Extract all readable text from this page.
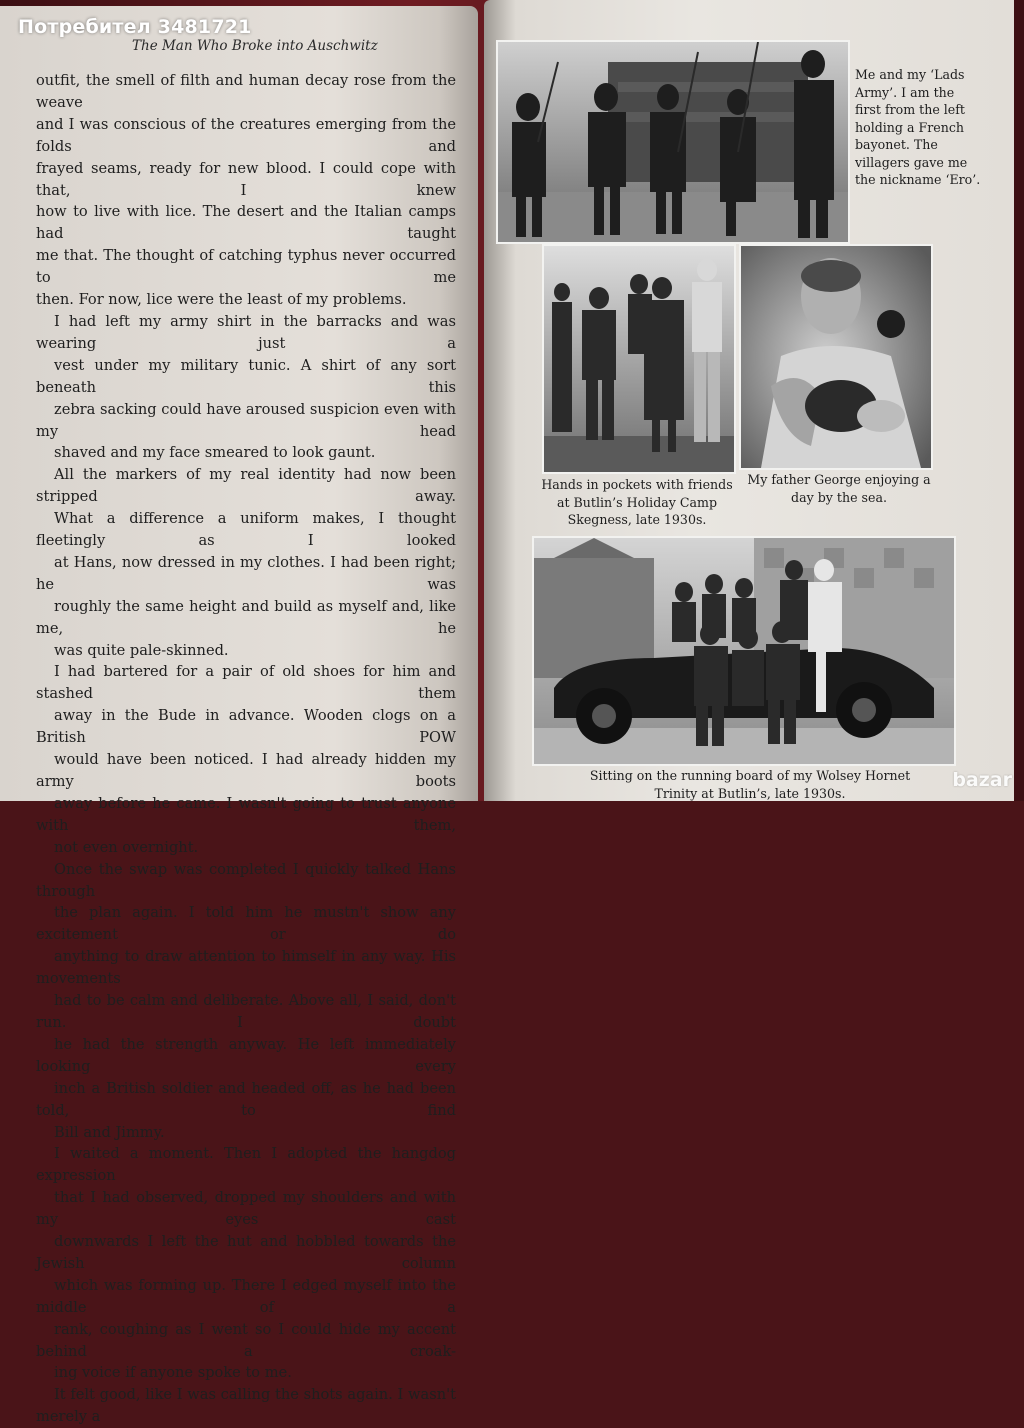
The Man Who Broke into Auschwitz

outfit, the smell of filth and human decay rose from the weave
and I was conscious of the creatures emerging from the folds and
frayed seams, ready for new blood. I could cope with that, I knew
how to live with lice. The desert and the Italian camps had taught
me that. The thought of catching typhus never occurred to me
then. For now, lice were the least of my problems.

I had left my army shirt in the barracks and was wearing just a
vest under my military tunic. A shirt of any sort beneath this
zebra sacking could have aroused suspicion even with my head
shaved and my face smeared to look gaunt.

All the markers of my real identity had now been stripped away.
What a difference a uniform makes, I thought fleetingly as I looked
at Hans, now dressed in my clothes. I had been right; he was
roughly the same height and build as myself and, like me, he
was quite pale-skinned.

I had bartered for a pair of old shoes for him and stashed them
away in the Bude in advance. Wooden clogs on a British POW
would have been noticed. I had already hidden my army boots
away before he came. I wasn't going to trust anyone with them,
not even overnight.

Once the swap was completed I quickly talked Hans through
the plan again. I told him he mustn't show any excitement or do
anything to draw attention to himself in any way. His movements
had to be calm and deliberate. Above all, I said, don't run. I doubt
he had the strength anyway. He left immediately looking every
inch a British soldier and headed off, as he had been told, to find
Bill and Jimmy.

I waited a moment. Then I adopted the hangdog expression
that I had observed, dropped my shoulders and with my eyes cast
downwards I left the hut and hobbled towards the Jewish column
which was forming up. There I edged myself into the middle of a
rank, coughing as I went so I could hide my accent behind a croak-
ing voice if anyone spoke to me.

It felt good, like I was calling the shots again. I wasn't merely a

Me and my ‘Lads
Army’. I am the
first from the left
holding a French
bayonet. The
villagers gave me
the nickname ‘Ero’.
Hands in pockets with friends
at Butlin’s Holiday Camp
Skegness, late 1930s.
My father George enjoying a
day by the sea.
Sitting on the running board of my Wolsey Hornet
Trinity at Butlin’s, late 1930s.
Потребител 3481721
bazar
